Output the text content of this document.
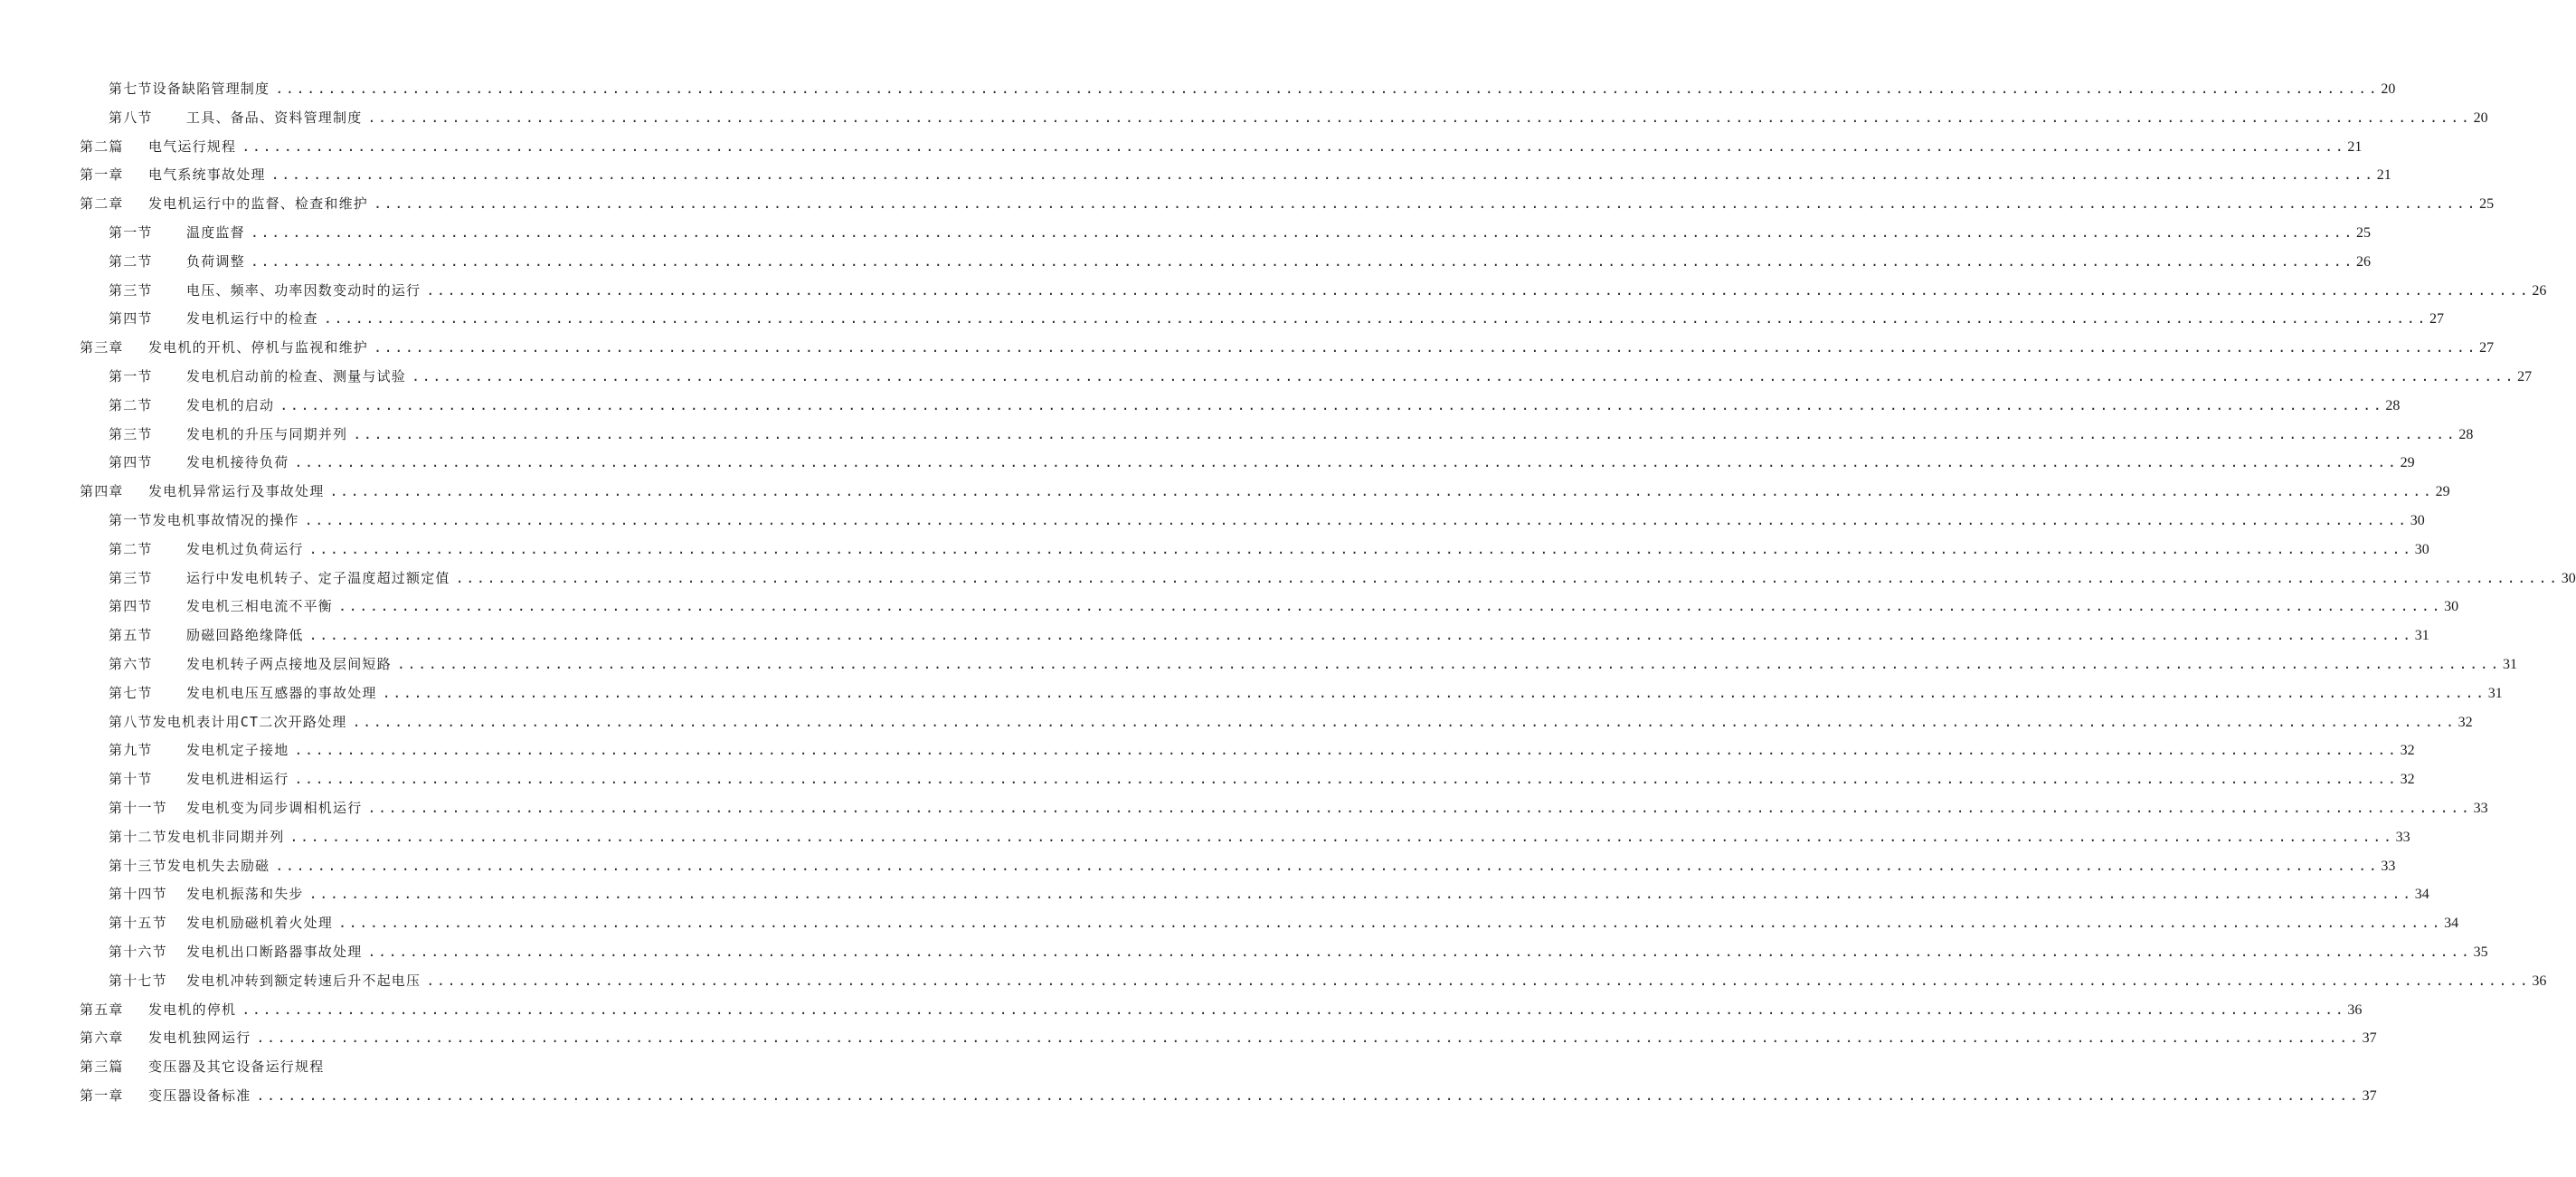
第七节 设备缺陷管理制度 ........................................................................................................................................................................................................ 20
第八节	工具、备品、资料管理制度 ........................................................................................................................................................................................................ 20
第二篇	电气运行规程 ........................................................................................................................................................................................................ 21
第一章	电气系统事故处理 ........................................................................................................................................................................................................ 21
第二章	发电机运行中的监督、检查和维护 ........................................................................................................................................................................................................ 25
第一节	温度监督 ........................................................................................................................................................................................................ 25
第二节	负荷调整 ........................................................................................................................................................................................................ 26
第三节	电压、频率、功率因数变动时的运行 ........................................................................................................................................................................................................ 26
第四节	发电机运行中的检查 ........................................................................................................................................................................................................ 27
第三章	发电机的开机、停机与监视和维护 ........................................................................................................................................................................................................ 27
第一节	发电机启动前的检查、测量与试验 ........................................................................................................................................................................................................ 27
第二节	发电机的启动 ........................................................................................................................................................................................................ 28
第三节	发电机的升压与同期并列 ........................................................................................................................................................................................................ 28
第四节	发电机接待负荷 ........................................................................................................................................................................................................ 29
第四章	发电机异常运行及事故处理 ........................................................................................................................................................................................................ 29
第一节 发电机事故情况的操作 ........................................................................................................................................................................................................ 30
第二节	发电机过负荷运行 ........................................................................................................................................................................................................ 30
第三节	运行中发电机转子、定子温度超过额定值 ........................................................................................................................................................................................................ 30
第四节	发电机三相电流不平衡 ........................................................................................................................................................................................................ 30
第五节	励磁回路绝缘降低 ........................................................................................................................................................................................................ 31
第六节	发电机转子两点接地及层间短路 ........................................................................................................................................................................................................ 31
第七节	发电机电压互感器的事故处理 ........................................................................................................................................................................................................ 31
第八节 发电机表计用CT二次开路处理 ........................................................................................................................................................................................................ 32
第九节	发电机定子接地 ........................................................................................................................................................................................................ 32
第十节	发电机进相运行 ........................................................................................................................................................................................................ 32
第十一节	发电机变为同步调相机运行 ........................................................................................................................................................................................................ 33
第十二节 发电机非同期并列 ........................................................................................................................................................................................................ 33
第十三节 发电机失去励磁 ........................................................................................................................................................................................................ 33
第十四节	发电机振荡和失步 ........................................................................................................................................................................................................ 34
第十五节	发电机励磁机着火处理 ........................................................................................................................................................................................................ 34
第十六节	发电机出口断路器事故处理 ........................................................................................................................................................................................................ 35
第十七节	发电机冲转到额定转速后升不起电压 ........................................................................................................................................................................................................ 36
第五章	发电机的停机 ........................................................................................................................................................................................................ 36
第六章	发电机独网运行 ........................................................................................................................................................................................................ 37
第三篇	变压器及其它设备运行规程
第一章	变压器设备标准 ........................................................................................................................................................................................................ 37
